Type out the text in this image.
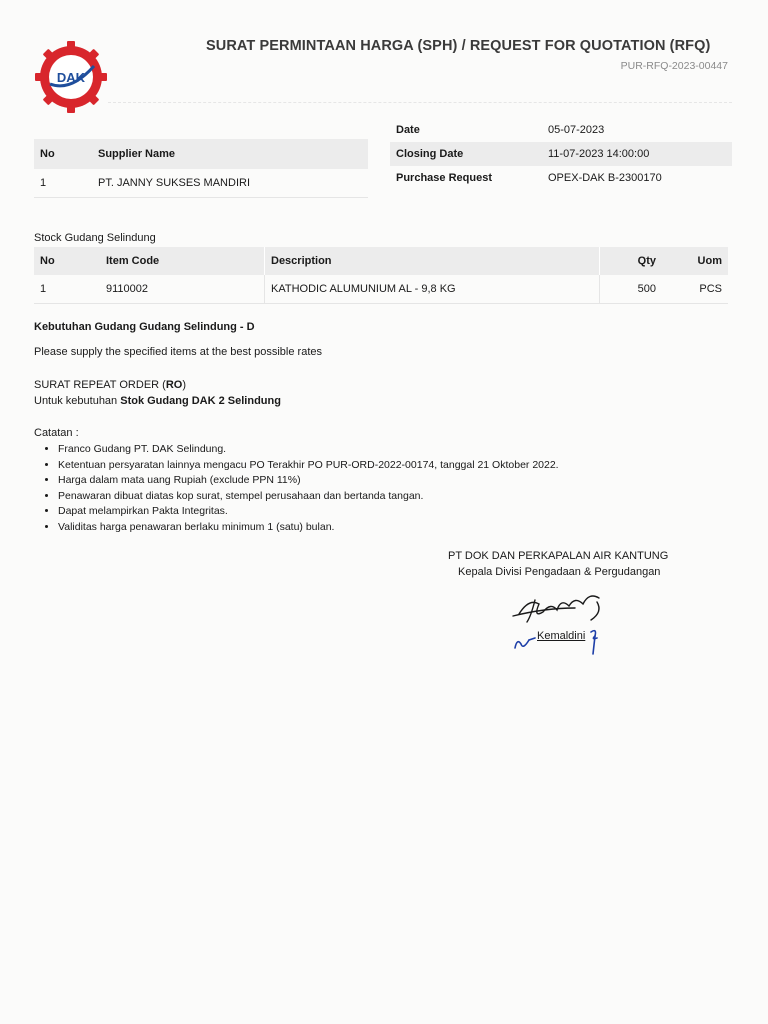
DAK
SURAT PERMINTAAN HARGA (SPH) / REQUEST FOR QUOTATION (RFQ)
PUR-RFQ-2023-00447
No	Supplier Name
1	PT. JANNY SUKSES MANDIRI
Date	05-07-2023
Closing Date	11-07-2023 14:00:00
Purchase Request	OPEX-DAK B-2300170
Stock Gudang Selindung
No	Item Code	Description	Qty	Uom
1	9110002	KATHODIC ALUMUNIUM AL - 9,8 KG	500	PCS
Kebutuhan Gudang Gudang Selindung - D
Please supply the specified items at the best possible rates
SURAT REPEAT ORDER (RO)
Untuk kebutuhan Stok Gudang DAK 2 Selindung
Catatan :
• Franco Gudang PT. DAK Selindung.
• Ketentuan persyaratan lainnya mengacu PO Terakhir PO PUR-ORD-2022-00174, tanggal 21 Oktober 2022.
• Harga dalam mata uang Rupiah (exclude PPN 11%)
• Penawaran dibuat diatas kop surat, stempel perusahaan dan bertanda tangan.
• Dapat melampirkan Pakta Integritas.
• Validitas harga penawaran berlaku minimum 1 (satu) bulan.
PT DOK DAN PERKAPALAN AIR KANTUNG
Kepala Divisi Pengadaan & Pergudangan
Kemaldini
